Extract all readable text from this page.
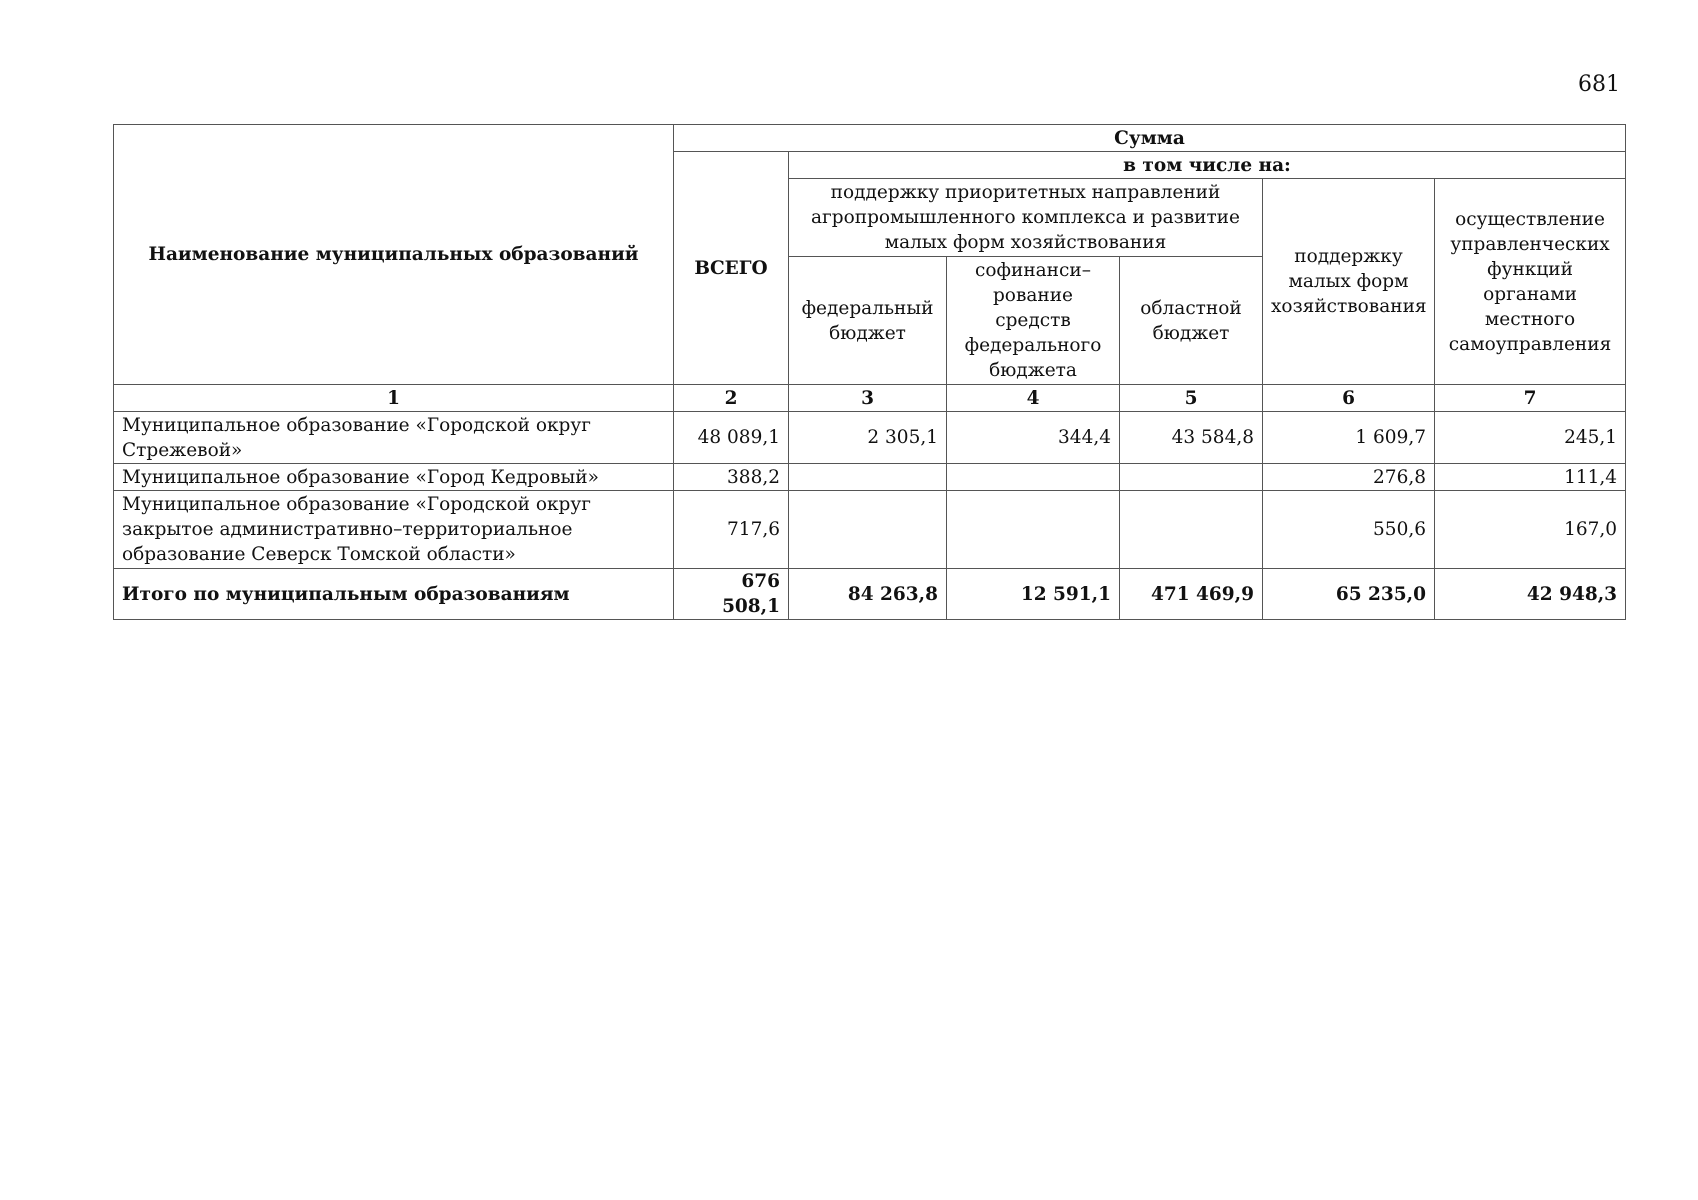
681
Наименование муниципальных образований	Сумма					
	ВСЕГО	в том числе на:				
		поддержку приоритетных направлений агропромышленного комплекса и развитие малых форм хозяйствования			поддержку малых форм хозяйствования	осуществление управленческих функций органами местного самоуправления
		федеральный бюджет	софинанси–рование средств федерального бюджета	областной бюджет		

1	2	3	4	5	6	7
Муниципальное образование «Городской округ Стрежевой»	48 089,1	2 305,1	344,4	43 584,8	1 609,7	245,1
Муниципальное образование «Город Кедровый»	388,2				276,8	111,4
Муниципальное образование «Городской округ закрытое административно–территориальное образование Северск Томской области»	717,6				550,6	167,0
Итого по муниципальным образованиям	676 508,1	84 263,8	12 591,1	471 469,9	65 235,0	42 948,3
